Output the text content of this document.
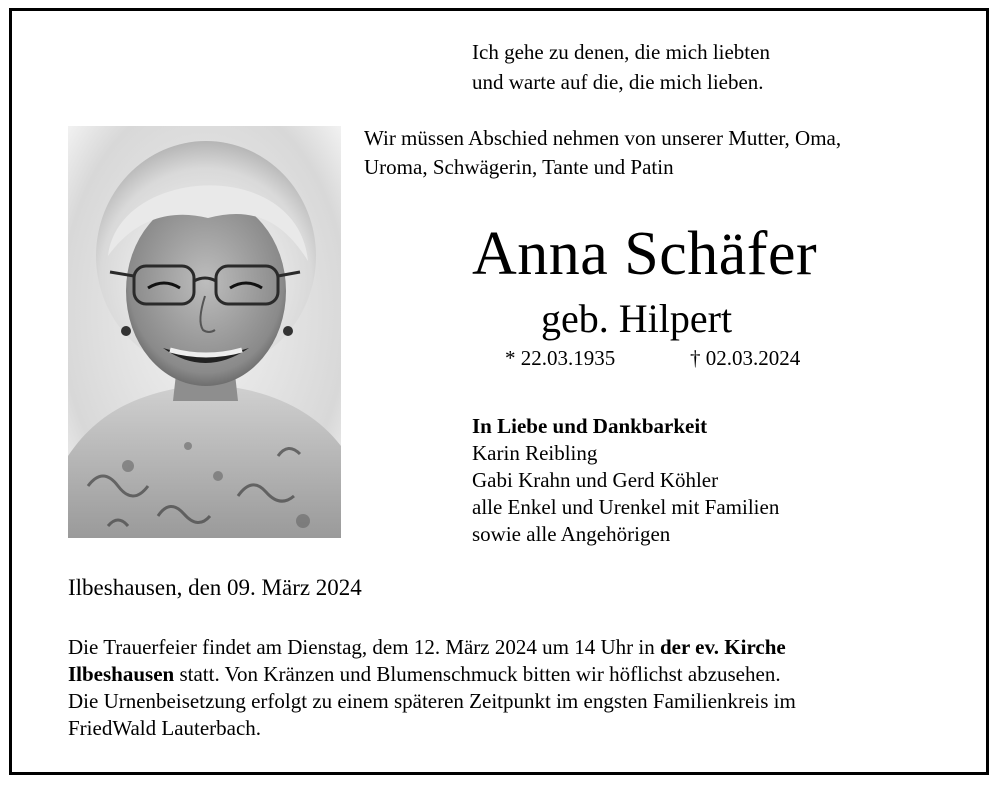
Ich gehe zu denen, die mich liebten
und warte auf die, die mich lieben.
Wir müssen Abschied nehmen von unserer Mutter, Oma,
Uroma, Schwägerin, Tante und Patin
Anna Schäfer
geb. Hilpert
* 22.03.1935	† 02.03.2024
In Liebe und Dankbarkeit
Karin Reibling
Gabi Krahn und Gerd Köhler
alle Enkel und Urenkel mit Familien
sowie alle Angehörigen
Ilbeshausen, den 09. März 2024
Die Trauerfeier findet am Dienstag, dem 12. März 2024 um 14 Uhr in der ev. Kirche
Ilbeshausen statt. Von Kränzen und Blumenschmuck bitten wir höflichst abzusehen.
Die Urnenbeisetzung erfolgt zu einem späteren Zeitpunkt im engsten Familienkreis im
FriedWald Lauterbach.
